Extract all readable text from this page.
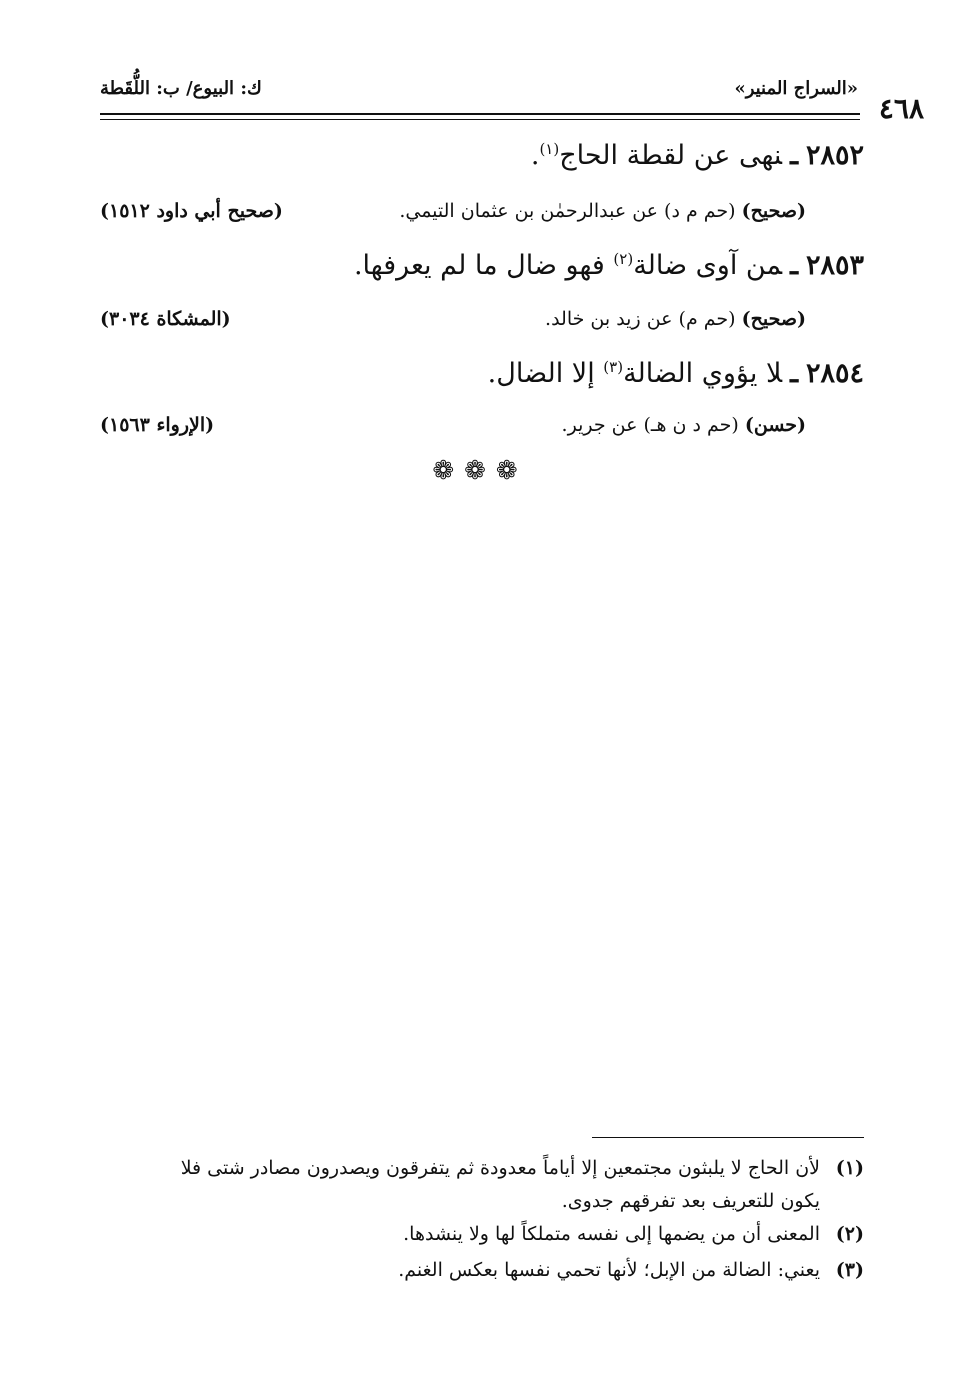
٤٦٨
«السراج المنير»
ك: البيوع/ ب: اللُّقَطة
٢٨٥٢ـنهى عن لقطة الحاج$^{(١)}$.
(صحيح) (حم م د) عن عبدالرحمٰن بن عثمان التيمي.
(صحيح أبي داود ١٥١٢)
٢٨٥٣ـمن آوى ضالة$^{(٢)}$ فهو ضال ما لم يعرفها.
(صحيح) (حم م) عن زيد بن خالد.
(المشكاة ٣٠٣٤)
٢٨٥٤ـلا يؤوي الضالة$^{(٣)}$ إلا الضال.
(حسن) (حم د ن هـ) عن جرير.
(الإرواء ١٥٦٣)
❁❁❁
(١)لأن الحاج لا يلبثون مجتمعين إلا أياماً معدودة ثم يتفرقون ويصدرون مصادر شتى فلا
يكون للتعريف بعد تفرقهم جدوى.
(٢)المعنى أن من يضمها إلى نفسه متملكاً لها ولا ينشدها.
(٣)يعني: الضالة من الإبل؛ لأنها تحمي نفسها بعكس الغنم.
